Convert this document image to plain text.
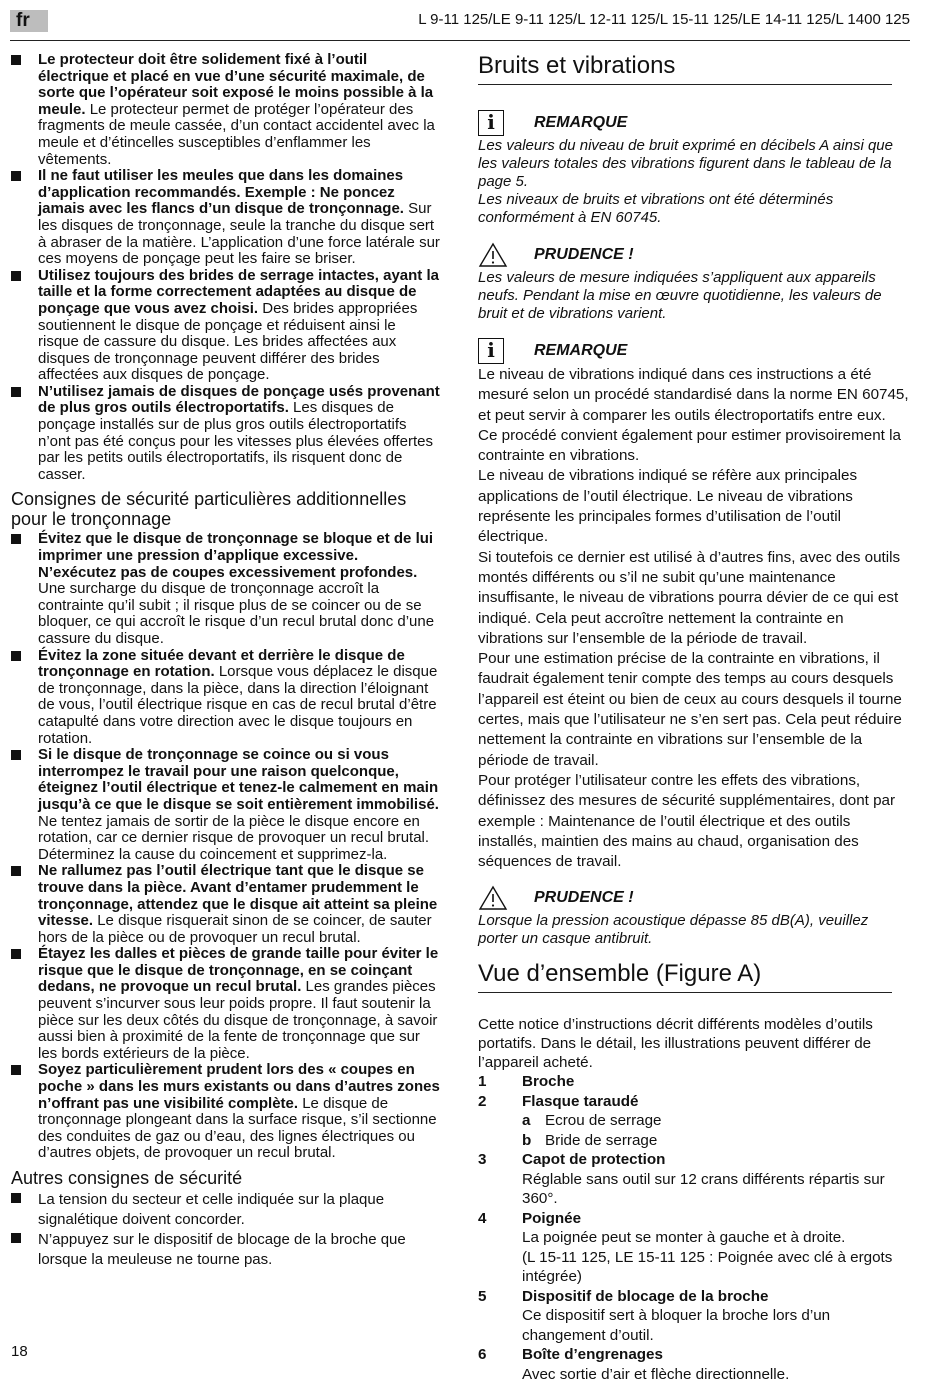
fr	L 9-11 125/LE 9-11 125/L 12-11 125/L 15-11 125/LE 14-11 125/L 1400 125
Le protecteur doit être solidement fixé à l’outil électrique et placé en vue d’une sécurité maximale, de sorte que l’opérateur soit exposé le moins possible à la meule. Le protecteur permet de protéger l’opérateur des fragments de meule cassée, d’un contact accidentel avec la meule et d’étincelles susceptibles d’enflammer les vêtements.
Il ne faut utiliser les meules que dans les domaines d’application recommandés. Exemple : Ne poncez jamais avec les flancs d’un disque de tronçonnage. Sur les disques de tronçonnage, seule la tranche du disque sert à abraser de la matière. L’application d’une force latérale sur ces moyens de ponçage peut les faire se briser.
Utilisez toujours des brides de serrage intactes, ayant la taille et la forme correctement adaptées au disque de ponçage que vous avez choisi. Des brides appropriées soutiennent le disque de ponçage et réduisent ainsi le risque de cassure du disque. Les brides affectées aux disques de tronçonnage peuvent différer des brides affectées aux disques de ponçage.
N’utilisez jamais de disques de ponçage usés provenant de plus gros outils électroportatifs. Les disques de ponçage installés sur de plus gros outils électroportatifs n’ont pas été conçus pour les vitesses plus élevées offertes par les petits outils électroportatifs, ils risquent donc de casser.
Consignes de sécurité particulières additionnelles pour le tronçonnage
Évitez que le disque de tronçonnage se bloque et de lui imprimer une pression d’applique excessive. N’exécutez pas de coupes excessivement profondes. Une surcharge du disque de tronçonnage accroît la contrainte qu’il subit ; il risque plus de se coincer ou de se bloquer, ce qui accroît le risque d’un recul brutal donc d’une cassure du disque.
Évitez la zone située devant et derrière le disque de tronçonnage en rotation. Lorsque vous déplacez le disque de tronçonnage, dans la pièce, dans la direction l’éloignant de vous, l’outil électrique risque en cas de recul brutal d’être catapulté dans votre direction avec le disque toujours en rotation.
Si le disque de tronçonnage se coince ou si vous interrompez le travail pour une raison quelconque, éteignez l’outil électrique et tenez-le calmement en main jusqu’à ce que le disque se soit entièrement immobilisé. Ne tentez jamais de sortir de la pièce le disque encore en rotation, car ce dernier risque de provoquer un recul brutal. Déterminez la cause du coincement et supprimez-la.
Ne rallumez pas l’outil électrique tant que le disque se trouve dans la pièce. Avant d’entamer prudemment le tronçonnage, attendez que le disque ait atteint sa pleine vitesse. Le disque risquerait sinon de se coincer, de sauter hors de la pièce ou de provoquer un recul brutal.
Étayez les dalles et pièces de grande taille pour éviter le risque que le disque de tronçonnage, en se coinçant dedans, ne provoque un recul brutal. Les grandes pièces peuvent s’incurver sous leur poids propre. Il faut soutenir la pièce sur les deux côtés du disque de tronçonnage, à savoir aussi bien à proximité de la fente de tronçonnage que sur les bords extérieurs de la pièce.
Soyez particulièrement prudent lors des « coupes en poche » dans les murs existants ou dans d’autres zones n’offrant pas une visibilité complète. Le disque de tronçonnage plongeant dans la surface risque, s’il sectionne des conduites de gaz ou d’eau, des lignes électriques ou d’autres objets, de provoquer un recul brutal.
Autres consignes de sécurité
La tension du secteur et celle indiquée sur la plaque signalétique doivent concorder.
N’appuyez sur le dispositif de blocage de la broche que lorsque la meuleuse ne tourne pas.
Bruits et vibrations
i	REMARQUE
Les valeurs du niveau de bruit exprimé en décibels A ainsi que les valeurs totales des vibrations figurent dans le tableau de la page 5.
Les niveaux de bruits et vibrations ont été déterminés conformément à EN 60745.
PRUDENCE !
Les valeurs de mesure indiquées s’appliquent aux appareils neufs. Pendant la mise en œuvre quotidienne, les valeurs de bruit et de vibrations varient.
i	REMARQUE
Le niveau de vibrations indiqué dans ces instructions a été mesuré selon un procédé standardisé dans la norme EN 60745, et peut servir à comparer les outils électroportatifs entre eux.
Ce procédé convient également pour estimer provisoirement la contrainte en vibrations.
Le niveau de vibrations indiqué se réfère aux principales applications de l’outil électrique. Le niveau de vibrations représente les principales formes d’utilisation de l’outil électrique.
Si toutefois ce dernier est utilisé à d’autres fins, avec des outils montés différents ou s’il ne subit qu’une maintenance insuffisante, le niveau de vibrations pourra dévier de ce qui est indiqué. Cela peut accroître nettement la contrainte en vibrations sur l’ensemble de la période de travail.
Pour une estimation précise de la contrainte en vibrations, il faudrait également tenir compte des temps au cours desquels l’appareil est éteint ou bien de ceux au cours desquels il tourne certes, mais que l’utilisateur ne s’en sert pas. Cela peut réduire nettement la contrainte en vibrations sur l’ensemble de la période de travail.
Pour protéger l’utilisateur contre les effets des vibrations, définissez des mesures de sécurité supplémentaires, dont par exemple : Maintenance de l’outil électrique et des outils installés, maintien des mains au chaud, organisation des séquences de travail.
PRUDENCE !
Lorsque la pression acoustique dépasse 85 dB(A), veuillez porter un casque antibruit.
Vue d’ensemble (Figure A)
Cette notice d’instructions décrit différents modèles d’outils portatifs. Dans le détail, les illustrations peuvent différer de l’appareil acheté.
1	Broche
2	Flasque taraudé
a Ecrou de serrage
b Bride de serrage
3	Capot de protection
Réglable sans outil sur 12 crans différents répartis sur 360°.
4	Poignée
La poignée peut se monter à gauche et à droite.
(L 15-11 125, LE 15-11 125 : Poignée avec clé à ergots intégrée)
5	Dispositif de blocage de la broche
Ce dispositif sert à bloquer la broche lors d’un changement d’outil.
6	Boîte d’engrenages
Avec sortie d’air et flèche directionnelle.
18
